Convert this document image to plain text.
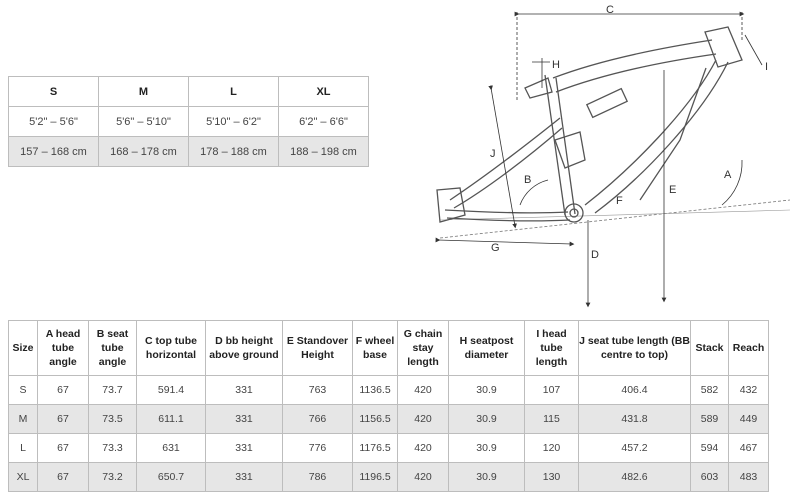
S	M	L	XL
5'2" – 5'6"	5'6" – 5'10"	5'10" – 6'2"	6'2" – 6'6"
157 – 168 cm	168 – 178 cm	178 – 188 cm	188 – 198 cm
C
H	I
J
B	A
E
F
G
D
Size	A head tube angle	B seat tube angle	C top tube horizontal	D bb height above ground	E Standover Height	F wheel base	G chain stay length	H seatpost diameter	I head tube length	J seat tube length (BB centre to top)	Stack	Reach
S	67	73.7	591.4	331	763	1136.5	420	30.9	107	406.4	582	432
M	67	73.5	611.1	331	766	1156.5	420	30.9	115	431.8	589	449
L	67	73.3	631	331	776	1176.5	420	30.9	120	457.2	594	467
XL	67	73.2	650.7	331	786	1196.5	420	30.9	130	482.6	603	483
